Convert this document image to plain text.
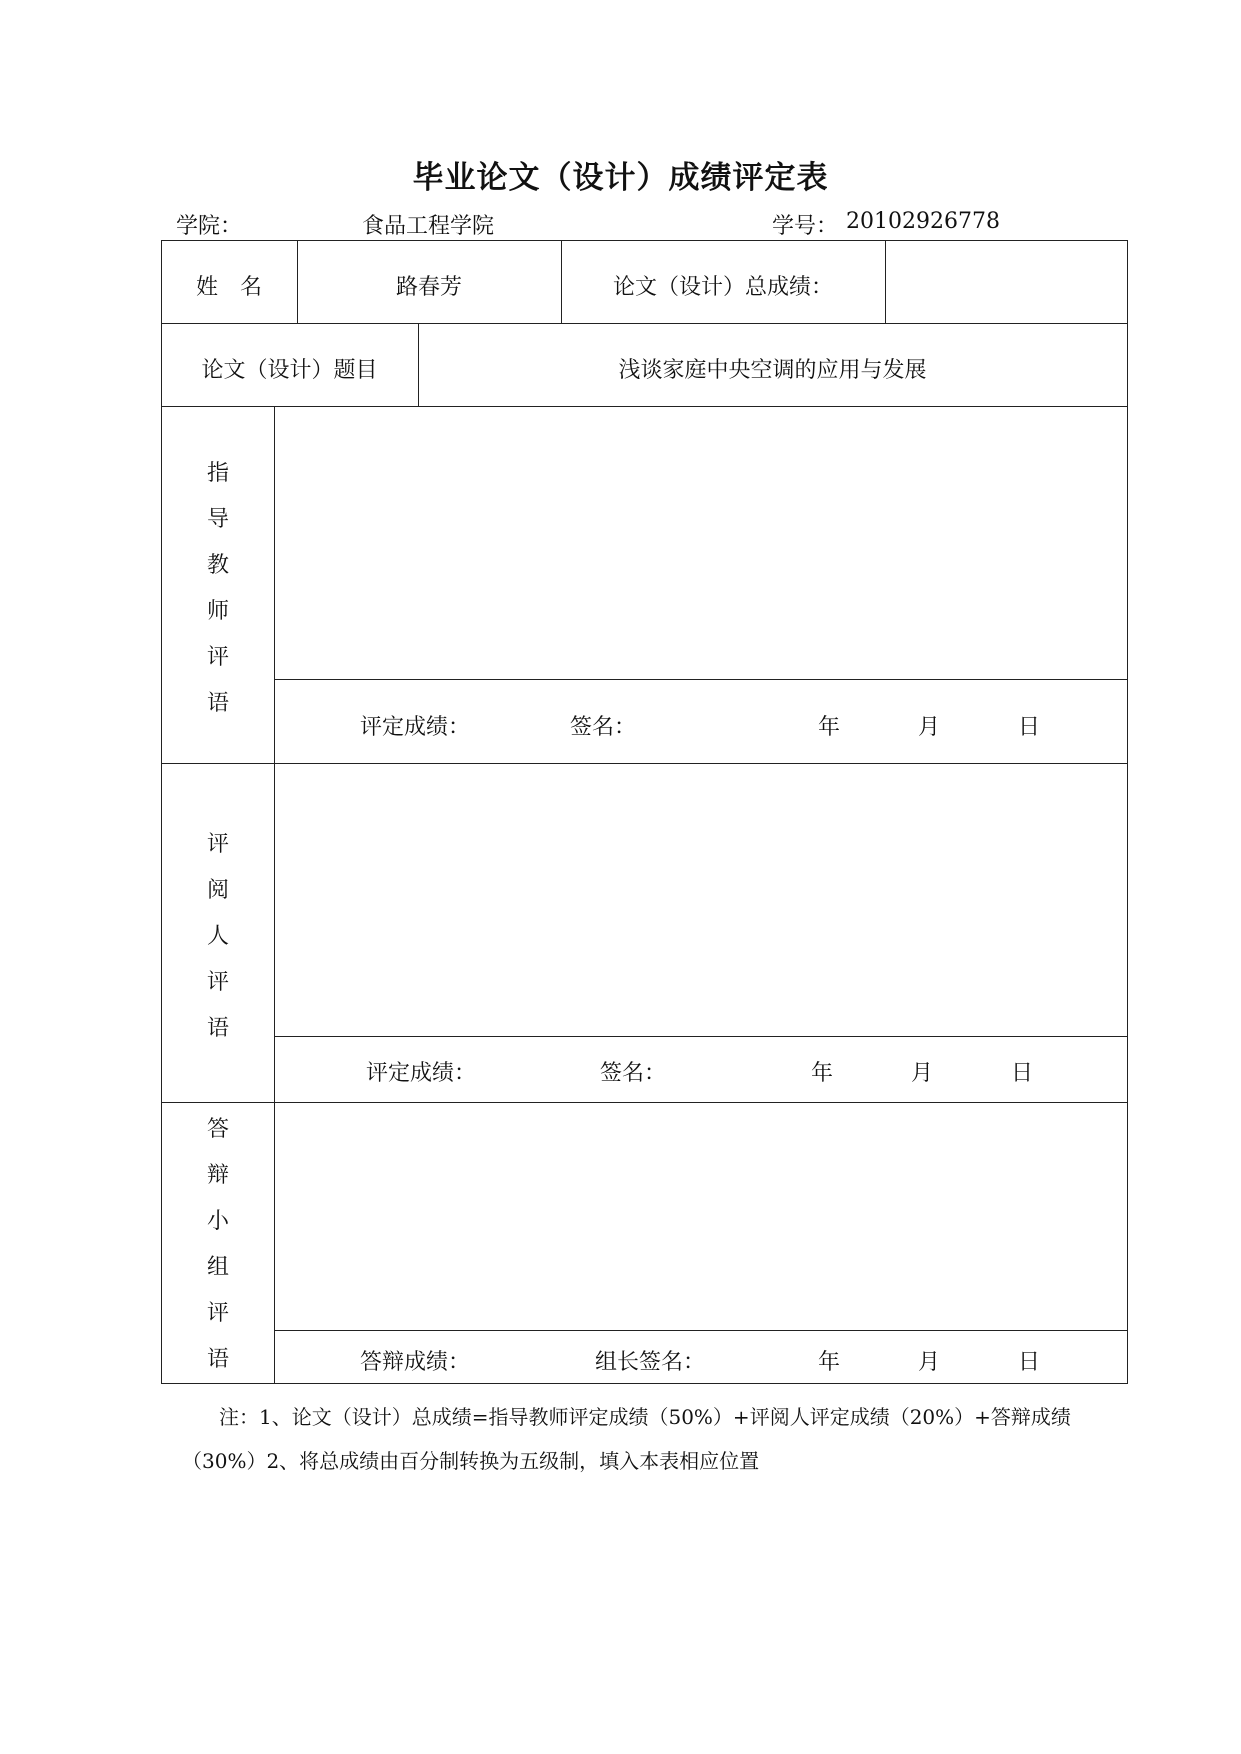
毕业论文（设计）成绩评定表
学院：	食品工程学院	学号： 20102926778
姓　名	路春芳	论文（设计）总成绩：
论文（设计）题目	浅谈家庭中央空调的应用与发展
指
导
教
师
评
语
评定成绩：	签名：	年	月	日
评
阅
人
评
语
评定成绩：	签名：	年	月	日
答
辩
小
组
评
语	答辩成绩：	组长签名：	年	月	日
注：1、论文（设计）总成绩=指导教师评定成绩（50%）+评阅人评定成绩（20%）+答辩成绩
（30%）2、将总成绩由百分制转换为五级制，填入本表相应位置
